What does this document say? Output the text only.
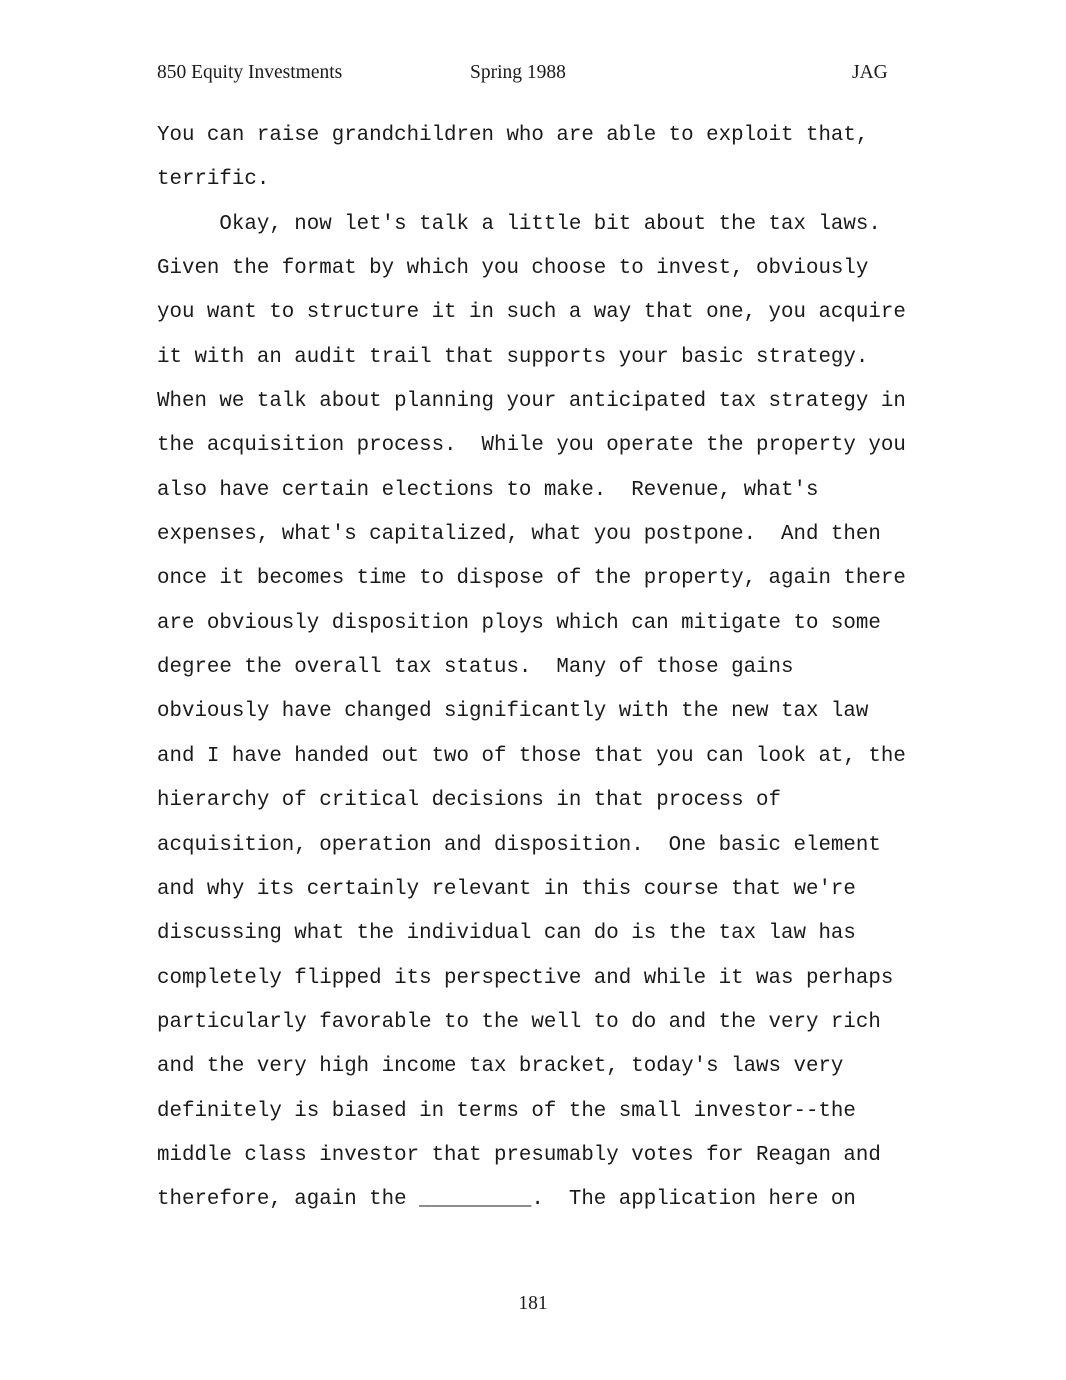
850 Equity Investments	Spring 1988	JAG
You can raise grandchildren who are able to exploit that,
terrific.
Okay, now let's talk a little bit about the tax laws.
Given the format by which you choose to invest, obviously
you want to structure it in such a way that one, you acquire
it with an audit trail that supports your basic strategy.
When we talk about planning your anticipated tax strategy in
the acquisition process.  While you operate the property you
also have certain elections to make.  Revenue, what's
expenses, what's capitalized, what you postpone.  And then
once it becomes time to dispose of the property, again there
are obviously disposition ploys which can mitigate to some
degree the overall tax status.  Many of those gains
obviously have changed significantly with the new tax law
and I have handed out two of those that you can look at, the
hierarchy of critical decisions in that process of
acquisition, operation and disposition.  One basic element
and why its certainly relevant in this course that we're
discussing what the individual can do is the tax law has
completely flipped its perspective and while it was perhaps
particularly favorable to the well to do and the very rich
and the very high income tax bracket, today's laws very
definitely is biased in terms of the small investor--the
middle class investor that presumably votes for Reagan and
therefore, again the _________.  The application here on
181
